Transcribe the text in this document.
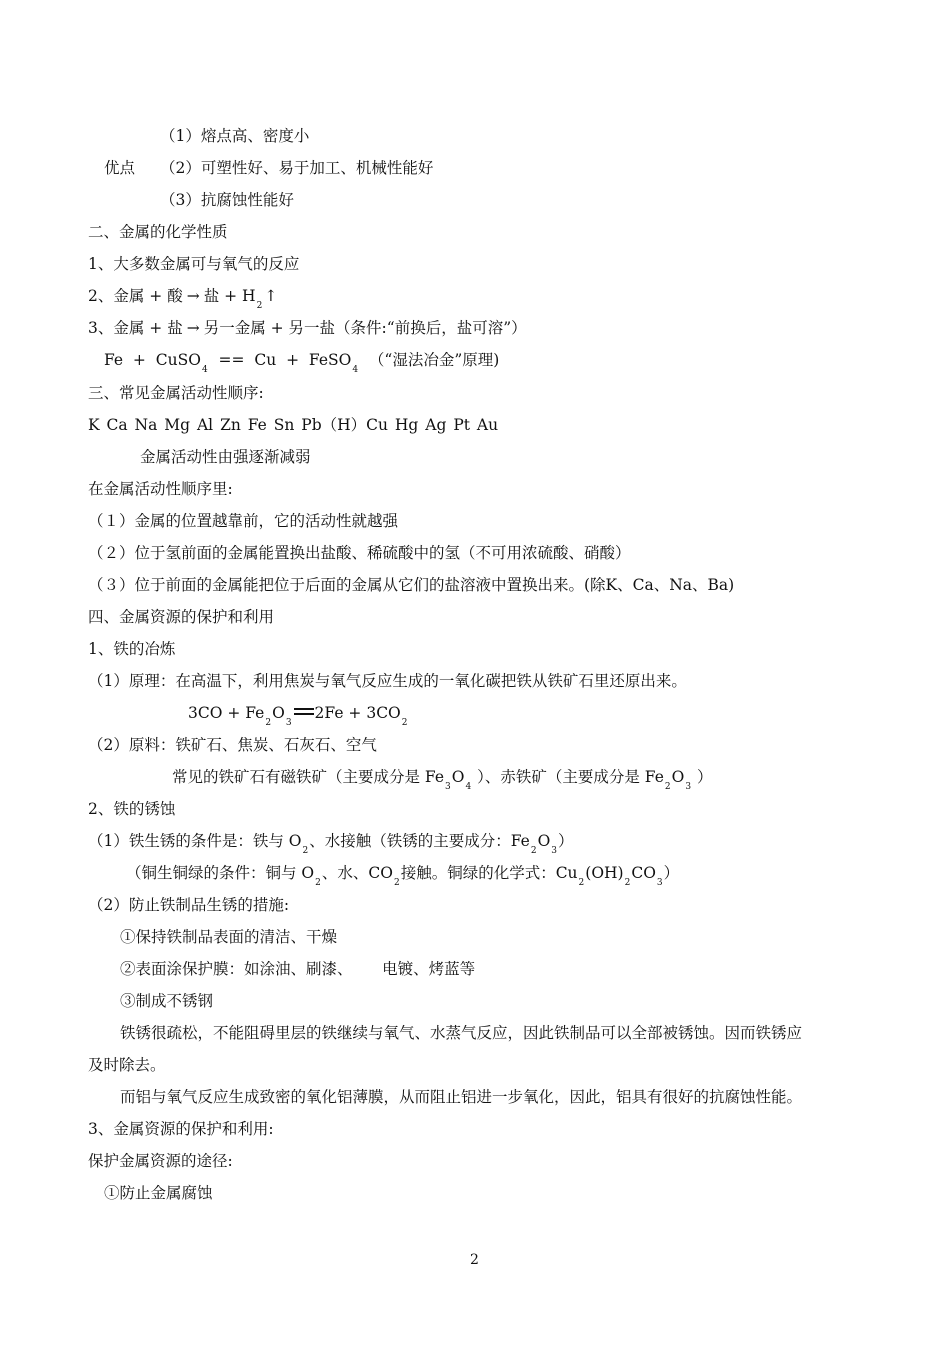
（1）熔点高、密度小
优点 （2）可塑性好、易于加工、机械性能好
（3）抗腐蚀性能好
二、金属的化学性质
1、大多数金属可与氧气的反应
2、金属 + 酸 → 盐 + H2↑
3、金属 + 盐 → 另一金属 + 另一盐（条件:“前换后，盐可溶”）
Fe  +  CuSO4  ==  Cu  +  FeSO4  （“湿法冶金”原理)
三、常见金属活动性顺序:
K Ca Na Mg Al Zn Fe Sn Pb（H）Cu Hg Ag Pt Au
金属活动性由强逐渐减弱
在金属活动性顺序里:
（１）金属的位置越靠前，它的活动性就越强
（２）位于氢前面的金属能置换出盐酸、稀硫酸中的氢（不可用浓硫酸、硝酸）
（３）位于前面的金属能把位于后面的金属从它们的盐溶液中置换出来。(除K、Ca、Na、Ba)
四、金属资源的保护和利用
1、铁的冶炼
（1）原理：在高温下，利用焦炭与氧气反应生成的一氧化碳把铁从铁矿石里还原出来。
3CO + Fe2O32Fe + 3CO2
（2）原料：铁矿石、焦炭、石灰石、空气
常见的铁矿石有磁铁矿（主要成分是 Fe3O4 ）、赤铁矿（主要成分是 Fe2O3 ）
2、铁的锈蚀
（1）铁生锈的条件是：铁与 O2、水接触（铁锈的主要成分：Fe2O3）
（铜生铜绿的条件：铜与 O2、水、CO2接触。铜绿的化学式：Cu2(OH)2CO3）
（2）防止铁制品生锈的措施:
①保持铁制品表面的清洁、干燥
②表面涂保护膜：如涂油、刷漆、      电镀、烤蓝等
③制成不锈钢
铁锈很疏松，不能阻碍里层的铁继续与氧气、水蒸气反应，因此铁制品可以全部被锈蚀。因而铁锈应
及时除去。
而铝与氧气反应生成致密的氧化铝薄膜，从而阻止铝进一步氧化，因此，铝具有很好的抗腐蚀性能。
3、金属资源的保护和利用:
保护金属资源的途径:
①防止金属腐蚀
2
